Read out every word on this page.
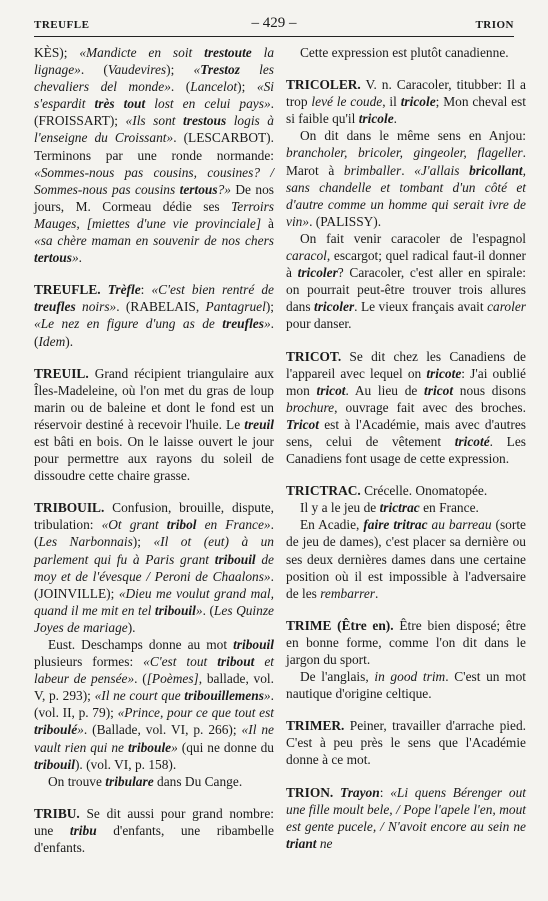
TREUFLE	– 429 –	TRION

KÈS); «Mandicte en soit trestoute la lignage». (Vaudevires); «Trestoz les chevaliers del monde». (Lancelot); «Si s'espardit très tout lost en celui pays». (FROISSART); «Ils sont trestous logis à l'enseigne du Croissant». (LESCARBOT). Terminons par une ronde normande: «Sommes-nous pas cousins, cousines? / Sommes-nous pas cousins tertous?» De nos jours, M. Cormeau dédie ses Terroirs Mauges, [miettes d'une vie provinciale] à «sa chère maman en souvenir de nos chers tertous».

TREUFLE. Trèfle: «C'est bien rentré de treufles noirs». (RABELAIS, Pantagruel); «Le nez en figure d'ung as de treufles». (Idem).

TREUIL. Grand récipient triangulaire aux Îles-Madeleine, où l'on met du gras de loup marin ou de baleine et dont le fond est un réservoir destiné à recevoir l'huile. Le treuil est bâti en bois. On le laisse ouvert le jour pour permettre aux rayons du soleil de dissoudre cette chaire grasse.

TRIBOUIL. Confusion, brouille, dispute, tribulation: «Ot grant tribol en France». (Les Narbonnais); «Il ot (eut) à un parlement qui fu à Paris grant tribouil de moy et de l'évesque / Peroni de Chaalons». (JOINVILLE); «Dieu me voulut grand mal, quand il me mit en tel tribouil». (Les Quinze Joyes de mariage).

Eust. Deschamps donne au mot tribouil plusieurs formes: «C'est tout tribout et labeur de pensée». ([Poèmes], ballade, vol. V, p. 293); «Il ne court que tribouillemens». (vol. II, p. 79); «Prince, pour ce que tout est triboulé». (Ballade, vol. VI, p. 266); «Il ne vault rien qui ne triboule» (qui ne donne du tribouil). (vol. VI, p. 158).

On trouve tribulare dans Du Cange.

TRIBU. Se dit aussi pour grand nombre: une tribu d'enfants, une ribambelle d'enfants.

Cette expression est plutôt canadienne.

TRICOLER. V. n. Caracoler, titubber: Il a trop levé le coude, il tricole; Mon cheval est si faible qu'il tricole.

On dit dans le même sens en Anjou: brancholer, bricoler, gingeoler, flageller. Marot à brimballer. «J'allais bricollant, sans chandelle et tombant d'un côté et d'autre comme un homme qui serait ivre de vin». (PALISSY).

On fait venir caracoler de l'espagnol caracol, escargot; quel radical faut-il donner à tricoler? Caracoler, c'est aller en spirale: on pourrait peut-être trouver trois allures dans tricoler. Le vieux français avait caroler pour danser.

TRICOT. Se dit chez les Canadiens de l'appareil avec lequel on tricote: J'ai oublié mon tricot. Au lieu de tricot nous disons brochure, ouvrage fait avec des broches. Tricot est à l'Académie, mais avec d'autres sens, celui de vêtement tricoté. Les Canadiens font usage de cette expression.

TRICTRAC. Crécelle. Onomatopée.

Il y a le jeu de trictrac en France.

En Acadie, faire tritrac au barreau (sorte de jeu de dames), c'est placer sa dernière ou ses deux dernières dames dans une certaine position où il est impossible à l'adversaire de les rembarrer.

TRIME (Être en). Être bien disposé; être en bonne forme, comme l'on dit dans le jargon du sport.

De l'anglais, in good trim. C'est un mot nautique d'origine celtique.

TRIMER. Peiner, travailler d'arrache pied. C'est à peu près le sens que l'Académie donne à ce mot.

TRION. Trayon: «Li quens Bérenger out une fille moult bele, / Pope l'apele l'en, mout est gente pucele, / N'avoit encore au sein ne triant ne
